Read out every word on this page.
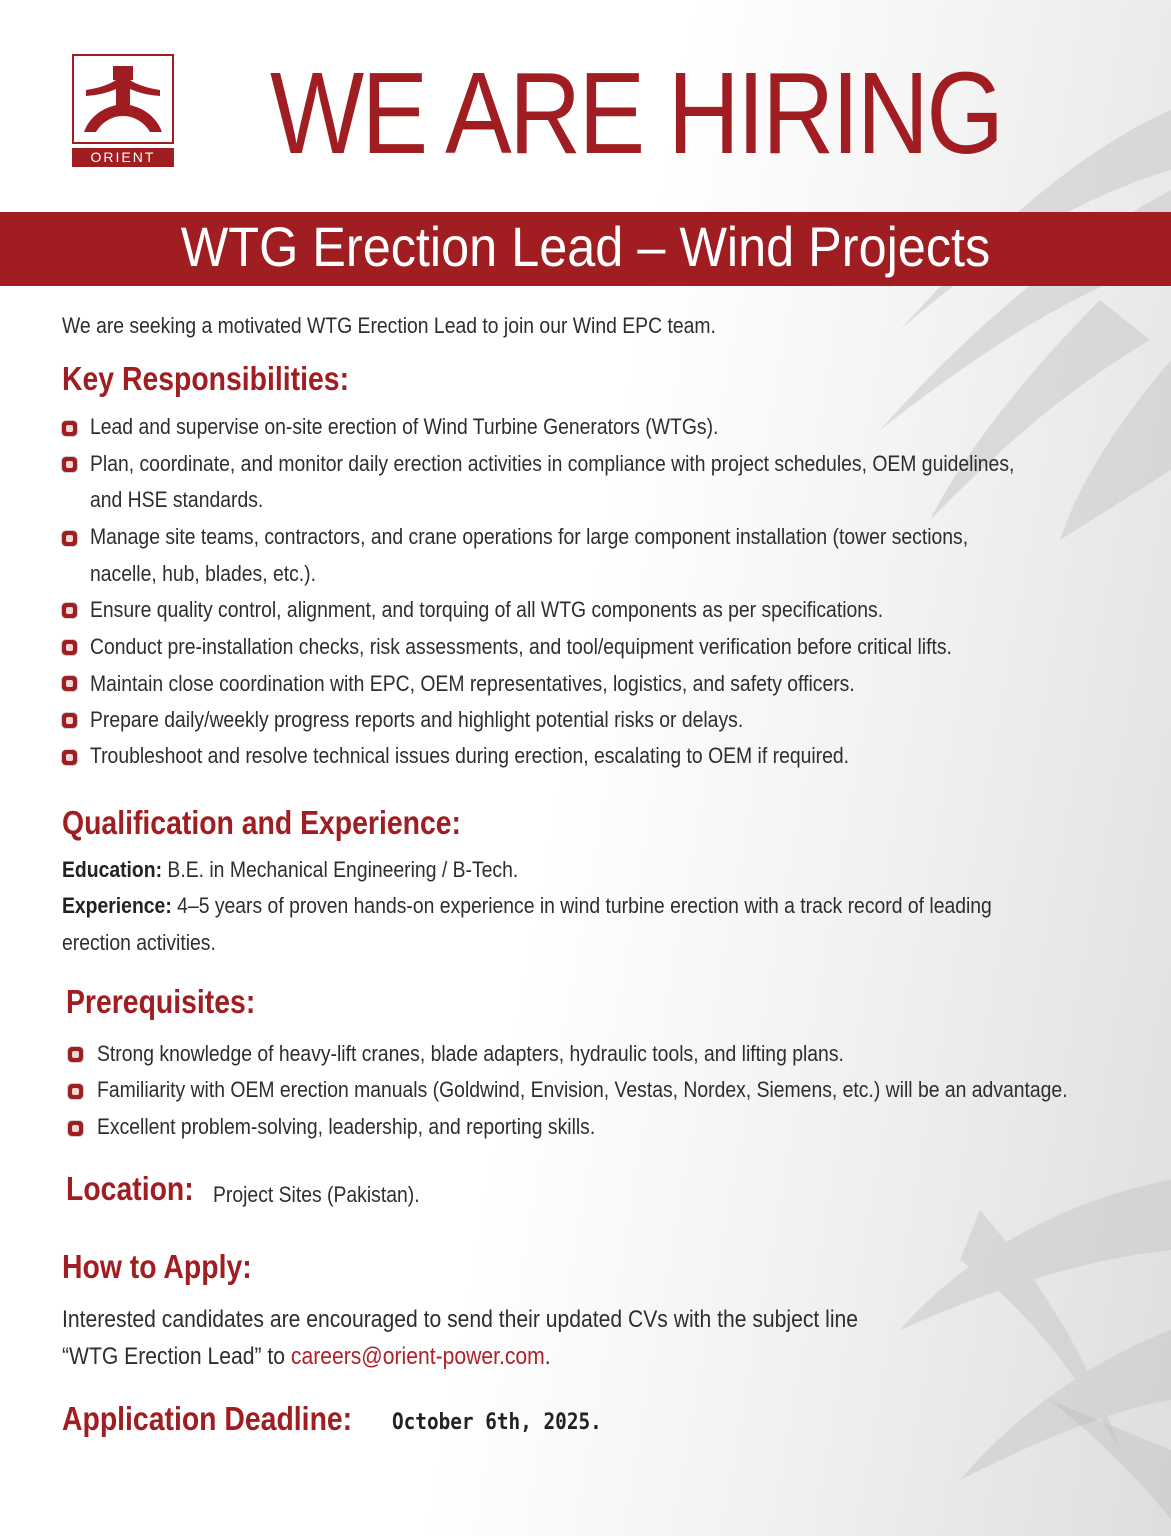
ORIENT WE ARE HIRING
WTG Erection Lead – Wind Projects
We are seeking a motivated WTG Erection Lead to join our Wind EPC team.
Key Responsibilities:
Lead and supervise on-site erection of Wind Turbine Generators (WTGs).
Plan, coordinate, and monitor daily erection activities in compliance with project schedules, OEM guidelines,
and HSE standards.
Manage site teams, contractors, and crane operations for large component installation (tower sections,
nacelle, hub, blades, etc.).
Ensure quality control, alignment, and torquing of all WTG components as per specifications.
Conduct pre-installation checks, risk assessments, and tool/equipment verification before critical lifts.
Maintain close coordination with EPC, OEM representatives, logistics, and safety officers.
Prepare daily/weekly progress reports and highlight potential risks or delays.
Troubleshoot and resolve technical issues during erection, escalating to OEM if required.
Qualification and Experience:
Education: B.E. in Mechanical Engineering / B-Tech.
Experience: 4–5 years of proven hands-on experience in wind turbine erection with a track record of leading
erection activities.
Prerequisites:
Strong knowledge of heavy-lift cranes, blade adapters, hydraulic tools, and lifting plans.
Familiarity with OEM erection manuals (Goldwind, Envision, Vestas, Nordex, Siemens, etc.) will be an advantage.
Excellent problem-solving, leadership, and reporting skills.
Location: Project Sites (Pakistan).
How to Apply:
Interested candidates are encouraged to send their updated CVs with the subject line
“WTG Erection Lead” to careers@orient-power.com.
Application Deadline: October 6th, 2025.
